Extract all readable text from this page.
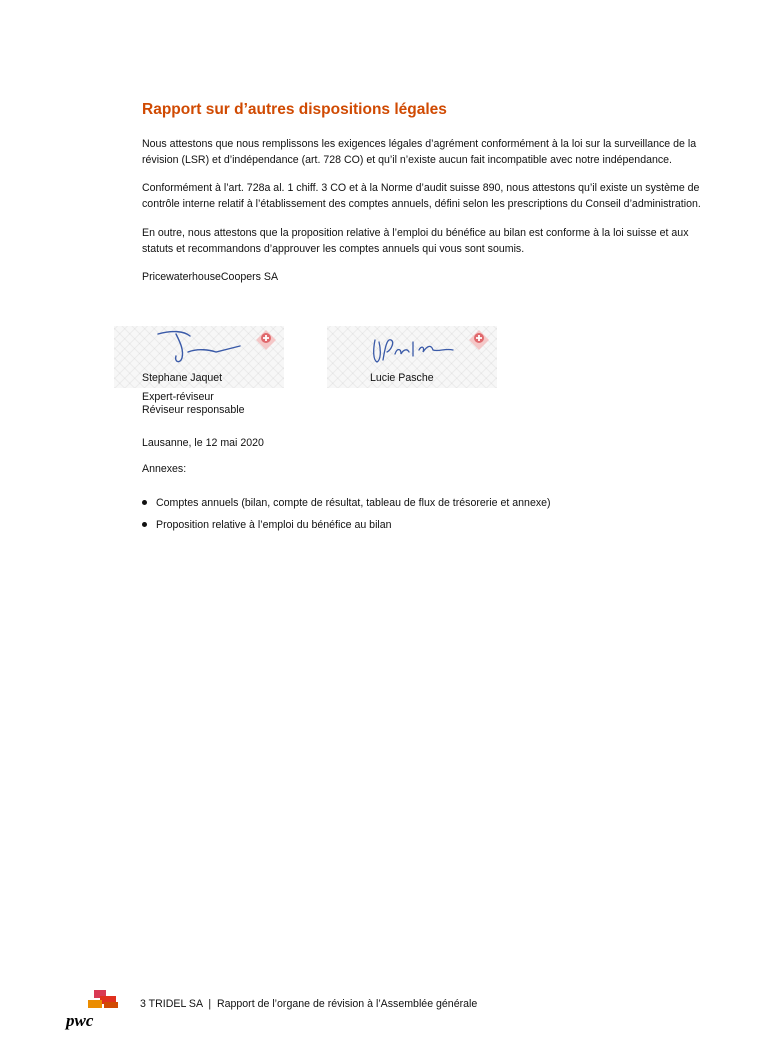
Rapport sur d’autres dispositions légales

Nous attestons que nous remplissons les exigences légales d’agrément conformément à la loi sur la surveillance de la révision (LSR) et d’indépendance (art. 728 CO) et qu’il n’existe aucun fait incompatible avec notre indépendance.

Conformément à l’art. 728a al. 1 chiff. 3 CO et à la Norme d’audit suisse 890, nous attestons qu’il existe un système de contrôle interne relatif à l’établissement des comptes annuels, défini selon les prescriptions du Conseil d’administration.

En outre, nous attestons que la proposition relative à l’emploi du bénéfice au bilan est conforme à la loi suisse et aux statuts et recommandons d’approuver les comptes annuels qui vous sont soumis.

PricewaterhouseCoopers SA

Stephane Jaquet	Lucie Pasche

Expert-réviseur

Réviseur responsable

Lausanne, le 12 mai 2020

Annexes:

Comptes annuels (bilan, compte de résultat, tableau de flux de trésorerie et annexe)

Proposition relative à l’emploi du bénéfice au bilan

pwc
3 TRIDEL SA  |  Rapport de l’organe de révision à l’Assemblée générale
